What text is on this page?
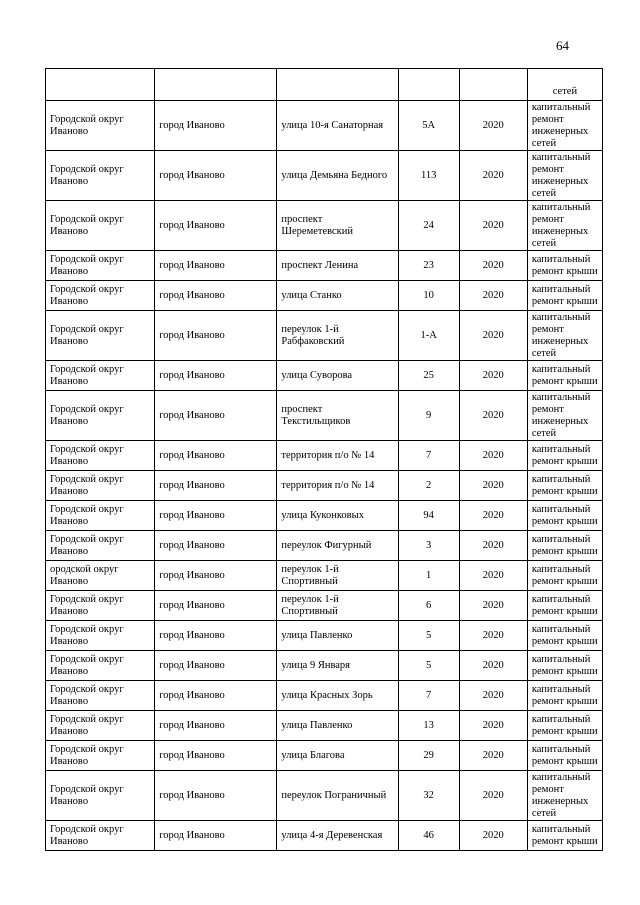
64

					сетей

Городской округ Иваново	город Иваново	улица 10-я Санаторная	5А	2020	капитальный ремонт инженерных сетей
Городской округ Иваново	город Иваново	улица Демьяна Бедного	113	2020	капитальный ремонт инженерных сетей
Городской округ Иваново	город Иваново	проспект Шереметевский	24	2020	капитальный ремонт инженерных сетей
Городской округ Иваново	город Иваново	проспект Ленина	23	2020	капитальный ремонт крыши
Городской округ Иваново	город Иваново	улица Станко	10	2020	капитальный ремонт крыши
Городской округ Иваново	город Иваново	переулок 1-й Рабфаковский	1-А	2020	капитальный ремонт инженерных сетей
Городской округ Иваново	город Иваново	улица Суворова	25	2020	капитальный ремонт крыши
Городской округ Иваново	город Иваново	проспект Текстильщиков	9	2020	капитальный ремонт инженерных сетей
Городской округ Иваново	город Иваново	территория п/о № 14	7	2020	капитальный ремонт крыши
Городской округ Иваново	город Иваново	территория п/о № 14	2	2020	капитальный ремонт крыши
Городской округ Иваново	город Иваново	улица Куконковых	94	2020	капитальный ремонт крыши
Городской округ Иваново	город Иваново	переулок Фигурный	3	2020	капитальный ремонт крыши
ородской округ Иваново	город Иваново	переулок 1-й Спортивный	1	2020	капитальный ремонт крыши
Городской округ Иваново	город Иваново	переулок 1-й Спортивный	6	2020	капитальный ремонт крыши
Городской округ Иваново	город Иваново	улица Павленко	5	2020	капитальный ремонт крыши
Городской округ Иваново	город Иваново	улица 9 Января	5	2020	капитальный ремонт крыши
Городской округ Иваново	город Иваново	улица Красных Зорь	7	2020	капитальный ремонт крыши
Городской округ Иваново	город Иваново	улица Павленко	13	2020	капитальный ремонт крыши
Городской округ Иваново	город Иваново	улица Благова	29	2020	капитальный ремонт крыши
Городской округ Иваново	город Иваново	переулок Пограничный	32	2020	капитальный ремонт инженерных сетей
Городской округ Иваново	город Иваново	улица 4-я Деревенская	46	2020	капитальный ремонт крыши
